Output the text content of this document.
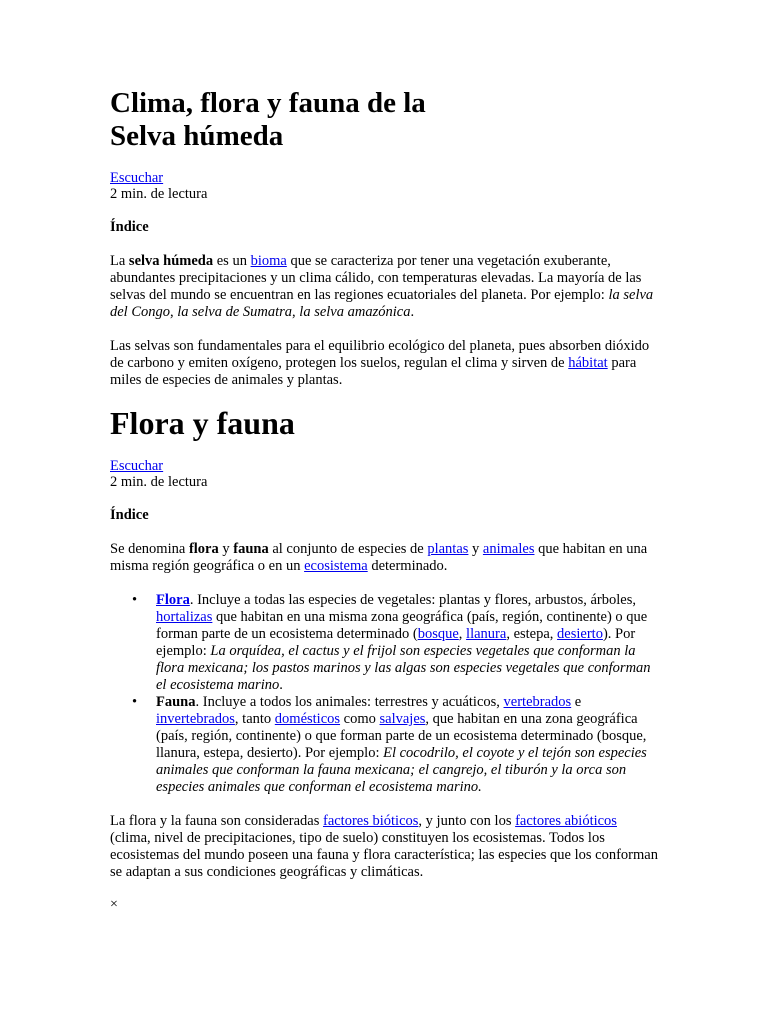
Clima, flora y fauna de la
Selva húmeda
Escuchar
2 min. de lectura
Índice

La selva húmeda es un bioma que se caracteriza por tener una vegetación exuberante, abundantes precipitaciones y un clima cálido, con temperaturas elevadas. La mayoría de las selvas del mundo se encuentran en las regiones ecuatoriales del planeta. Por ejemplo: la selva del Congo, la selva de Sumatra, la selva amazónica.

Las selvas son fundamentales para el equilibrio ecológico del planeta, pues absorben dióxido de carbono y emiten oxígeno, protegen los suelos, regulan el clima y sirven de hábitat para miles de especies de animales y plantas.

Flora y fauna
Escuchar
2 min. de lectura
Índice

Se denomina flora y fauna al conjunto de especies de plantas y animales que habitan en una misma región geográfica o en un ecosistema determinado.

• Flora. Incluye a todas las especies de vegetales: plantas y flores, arbustos, árboles, hortalizas que habitan en una misma zona geográfica (país, región, continente) o que forman parte de un ecosistema determinado (bosque, llanura, estepa, desierto). Por ejemplo: La orquídea, el cactus y el frijol son especies vegetales que conforman la flora mexicana; los pastos marinos y las algas son especies vegetales que conforman el ecosistema marino.
• Fauna. Incluye a todos los animales: terrestres y acuáticos, vertebrados e invertebrados, tanto domésticos como salvajes, que habitan en una zona geográfica (país, región, continente) o que forman parte de un ecosistema determinado (bosque, llanura, estepa, desierto). Por ejemplo: El cocodrilo, el coyote y el tejón son especies animales que conforman la fauna mexicana; el cangrejo, el tiburón y la orca son especies animales que conforman el ecosistema marino.

La flora y la fauna son consideradas factores bióticos, y junto con los factores abióticos (clima, nivel de precipitaciones, tipo de suelo) constituyen los ecosistemas. Todos los ecosistemas del mundo poseen una fauna y flora característica; las especies que los conforman se adaptan a sus condiciones geográficas y climáticas.

×
